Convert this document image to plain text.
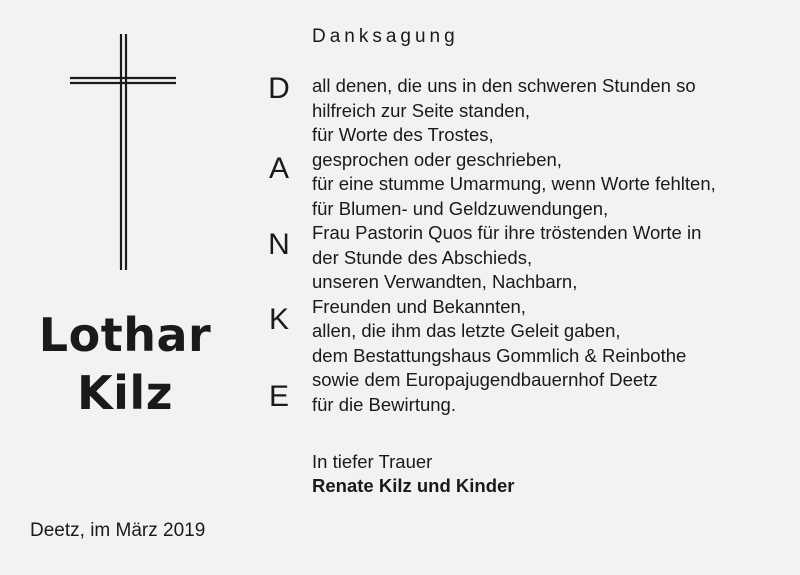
Lothar
Kilz
Deetz, im März 2019
Danksagung
D
A
N
K
E
all denen, die uns in den schweren Stunden so
hilfreich zur Seite standen,
für Worte des Trostes,
gesprochen oder geschrieben,
für eine stumme Umarmung, wenn Worte fehlten,
für Blumen- und Geldzuwendungen,
Frau Pastorin Quos für ihre tröstenden Worte in
der Stunde des Abschieds,
unseren Verwandten, Nachbarn,
Freunden und Bekannten,
allen, die ihm das letzte Geleit gaben,
dem Bestattungshaus Gommlich & Reinbothe
sowie dem Europajugendbauernhof Deetz
für die Bewirtung.
In tiefer Trauer
Renate Kilz und Kinder
